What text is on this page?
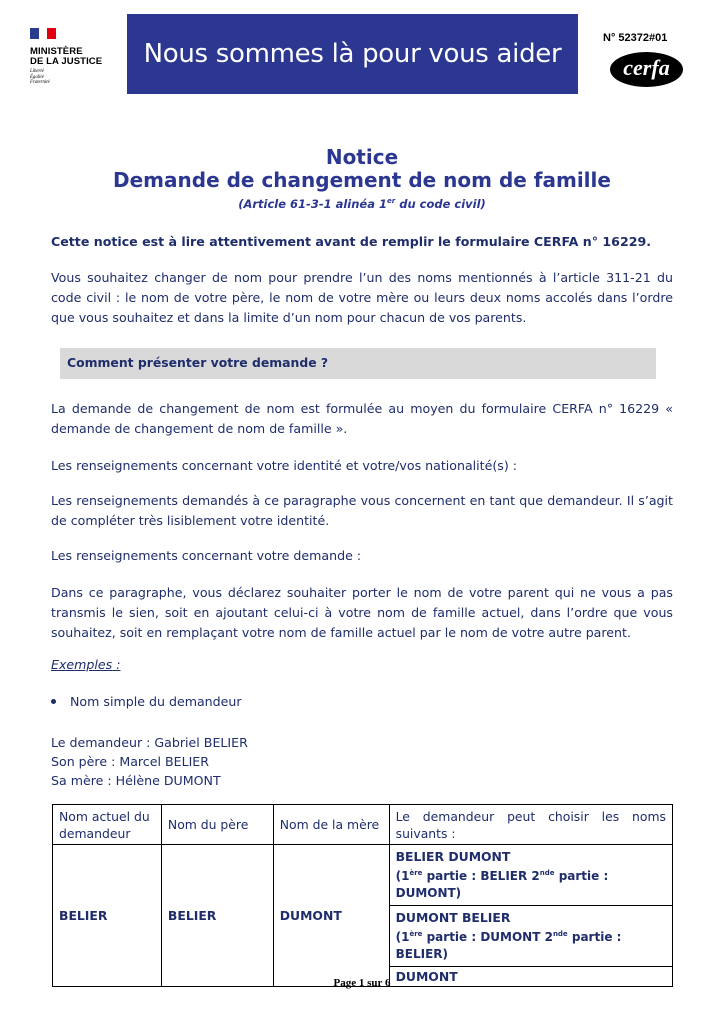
MINISTÈRE
DE LA JUSTICE
Liberté
Égalité
Fraternité
Nous sommes là pour vous aider
N° 52372#01
cerfa
Notice
Demande de changement de nom de famille
(Article 61-3-1 alinéa 1er du code civil)
Cette notice est à lire attentivement avant de remplir le formulaire CERFA n° 16229.
Vous souhaitez changer de nom pour prendre l’un des noms mentionnés à l’article 311-21 du code civil : le nom de votre père, le nom de votre mère ou leurs deux noms accolés dans l’ordre que vous souhaitez et dans la limite d’un nom pour chacun de vos parents.
Comment présenter votre demande ?
La demande de changement de nom est formulée au moyen du formulaire CERFA n° 16229 « demande de changement de nom de famille ».
Les renseignements concernant votre identité et votre/vos nationalité(s) :
Les renseignements demandés à ce paragraphe vous concernent en tant que demandeur. Il s’agit de compléter très lisiblement votre identité.
Les renseignements concernant votre demande :
Dans ce paragraphe, vous déclarez souhaiter porter le nom de votre parent qui ne vous a pas transmis le sien, soit en ajoutant celui-ci à votre nom de famille actuel, dans l’ordre que vous souhaitez, soit en remplaçant votre nom de famille actuel par le nom de votre autre parent.
Exemples :
Nom simple du demandeur
Le demandeur : Gabriel BELIER
Son père : Marcel BELIER
Sa mère : Hélène DUMONT
Nom actuel du demandeur	Nom du père	Nom de la mère	Le demandeur peut choisir les noms suivants :
BELIER	BELIER	DUMONT	BELIER DUMONT
(1ère partie : BELIER 2nde partie : DUMONT)

			DUMONT BELIER
(1ère partie : DUMONT 2nde partie : BELIER)

			DUMONT
Page 1 sur 6
